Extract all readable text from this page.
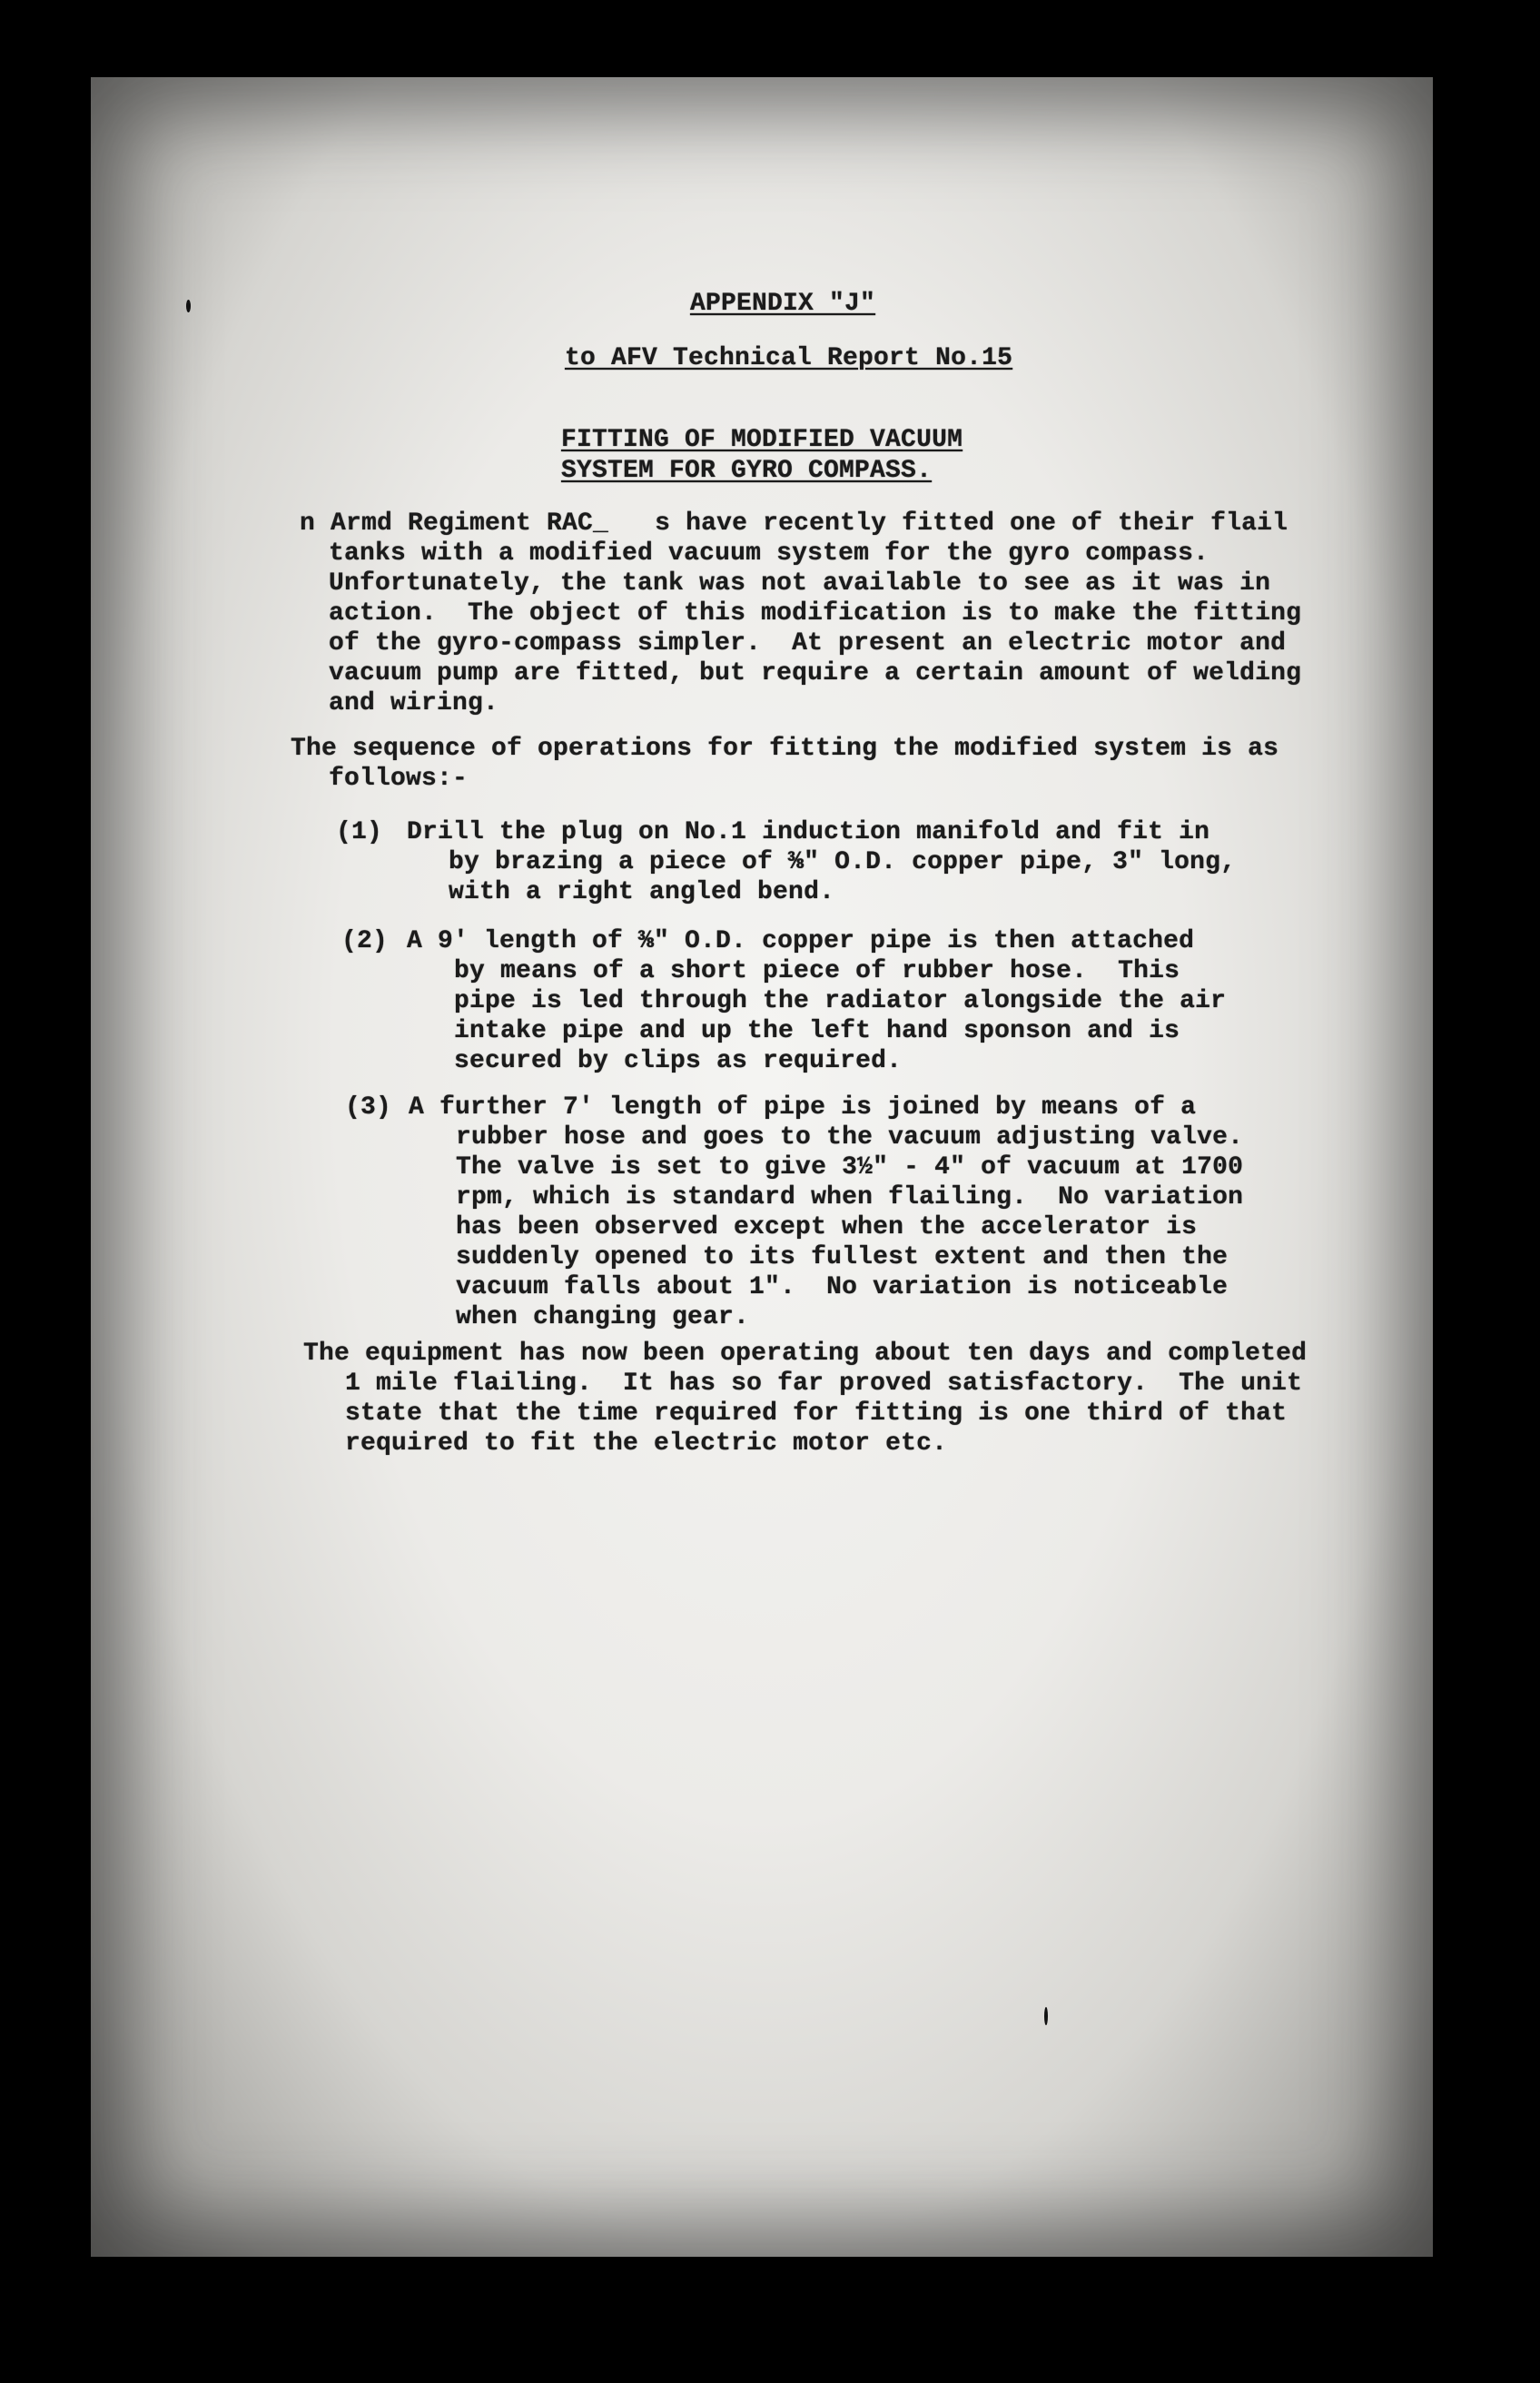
APPENDIX "J"
to AFV Technical Report No.15
FITTING OF MODIFIED VACUUM
SYSTEM FOR GYRO COMPASS.
n Armd Regiment RAC_   s have recently fitted one of their flail
tanks with a modified vacuum system for the gyro compass.
Unfortunately, the tank was not available to see as it was in
action.  The object of this modification is to make the fitting
of the gyro-compass simpler.  At present an electric motor and
vacuum pump are fitted, but require a certain amount of welding
and wiring.
The sequence of operations for fitting the modified system is as
follows:-
(1) Drill the plug on No.1 induction manifold and fit in
by brazing a piece of ⅜" O.D. copper pipe, 3" long,
with a right angled bend.
(2) A 9' length of ⅜" O.D. copper pipe is then attached
by means of a short piece of rubber hose.  This
pipe is led through the radiator alongside the air
intake pipe and up the left hand sponson and is
secured by clips as required.
(3) A further 7' length of pipe is joined by means of a
rubber hose and goes to the vacuum adjusting valve.
The valve is set to give 3½" - 4" of vacuum at 1700
rpm, which is standard when flailing.  No variation
has been observed except when the accelerator is
suddenly opened to its fullest extent and then the
vacuum falls about 1".  No variation is noticeable
when changing gear.
The equipment has now been operating about ten days and completed
1 mile flailing.  It has so far proved satisfactory.  The unit
state that the time required for fitting is one third of that
required to fit the electric motor etc.
